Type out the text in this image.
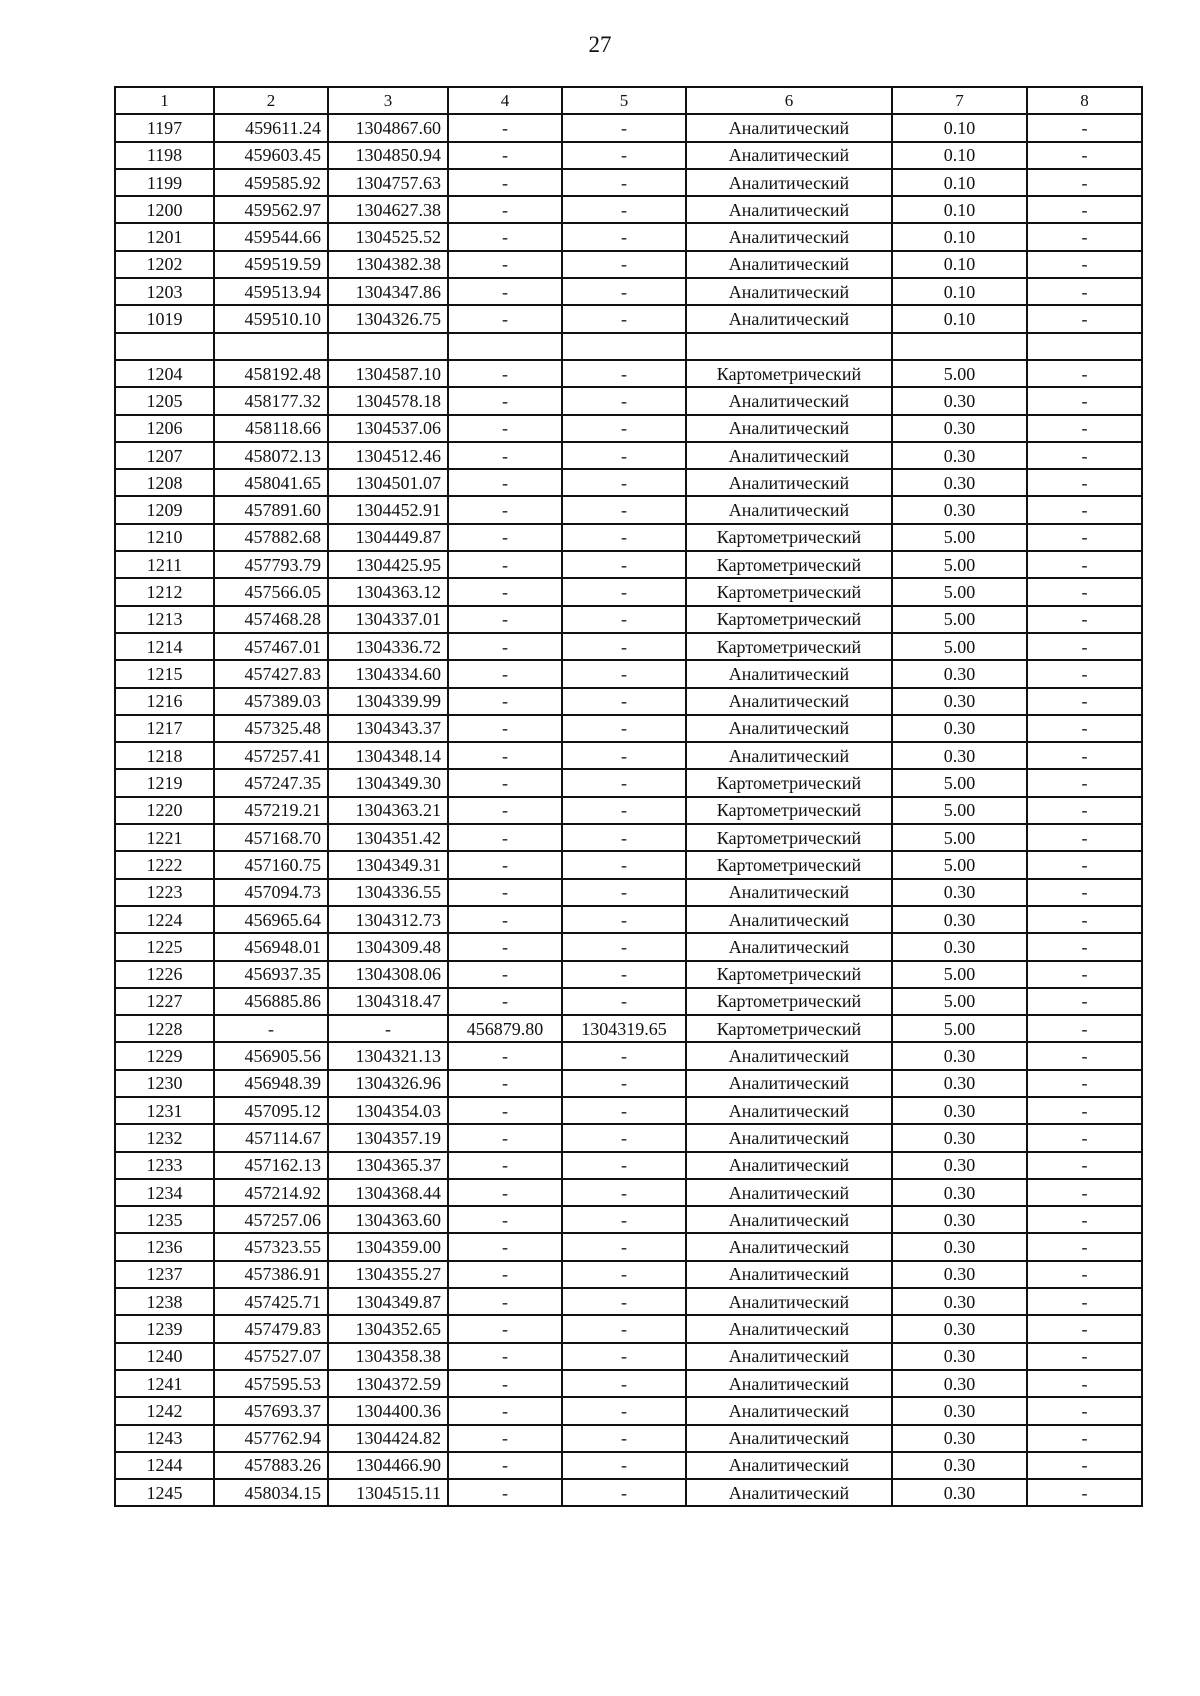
27
1	2	3	4	5	6	7	8
1197	459611.24	1304867.60	-	-	Аналитический	0.10	-
1198	459603.45	1304850.94	-	-	Аналитический	0.10	-
1199	459585.92	1304757.63	-	-	Аналитический	0.10	-
1200	459562.97	1304627.38	-	-	Аналитический	0.10	-
1201	459544.66	1304525.52	-	-	Аналитический	0.10	-
1202	459519.59	1304382.38	-	-	Аналитический	0.10	-
1203	459513.94	1304347.86	-	-	Аналитический	0.10	-
1019	459510.10	1304326.75	-	-	Аналитический	0.10	-

1204	458192.48	1304587.10	-	-	Картометрический	5.00	-
1205	458177.32	1304578.18	-	-	Аналитический	0.30	-
1206	458118.66	1304537.06	-	-	Аналитический	0.30	-
1207	458072.13	1304512.46	-	-	Аналитический	0.30	-
1208	458041.65	1304501.07	-	-	Аналитический	0.30	-
1209	457891.60	1304452.91	-	-	Аналитический	0.30	-
1210	457882.68	1304449.87	-	-	Картометрический	5.00	-
1211	457793.79	1304425.95	-	-	Картометрический	5.00	-
1212	457566.05	1304363.12	-	-	Картометрический	5.00	-
1213	457468.28	1304337.01	-	-	Картометрический	5.00	-
1214	457467.01	1304336.72	-	-	Картометрический	5.00	-
1215	457427.83	1304334.60	-	-	Аналитический	0.30	-
1216	457389.03	1304339.99	-	-	Аналитический	0.30	-
1217	457325.48	1304343.37	-	-	Аналитический	0.30	-
1218	457257.41	1304348.14	-	-	Аналитический	0.30	-
1219	457247.35	1304349.30	-	-	Картометрический	5.00	-
1220	457219.21	1304363.21	-	-	Картометрический	5.00	-
1221	457168.70	1304351.42	-	-	Картометрический	5.00	-
1222	457160.75	1304349.31	-	-	Картометрический	5.00	-
1223	457094.73	1304336.55	-	-	Аналитический	0.30	-
1224	456965.64	1304312.73	-	-	Аналитический	0.30	-
1225	456948.01	1304309.48	-	-	Аналитический	0.30	-
1226	456937.35	1304308.06	-	-	Картометрический	5.00	-
1227	456885.86	1304318.47	-	-	Картометрический	5.00	-
1228	-	-	456879.80	1304319.65	Картометрический	5.00	-
1229	456905.56	1304321.13	-	-	Аналитический	0.30	-
1230	456948.39	1304326.96	-	-	Аналитический	0.30	-
1231	457095.12	1304354.03	-	-	Аналитический	0.30	-
1232	457114.67	1304357.19	-	-	Аналитический	0.30	-
1233	457162.13	1304365.37	-	-	Аналитический	0.30	-
1234	457214.92	1304368.44	-	-	Аналитический	0.30	-
1235	457257.06	1304363.60	-	-	Аналитический	0.30	-
1236	457323.55	1304359.00	-	-	Аналитический	0.30	-
1237	457386.91	1304355.27	-	-	Аналитический	0.30	-
1238	457425.71	1304349.87	-	-	Аналитический	0.30	-
1239	457479.83	1304352.65	-	-	Аналитический	0.30	-
1240	457527.07	1304358.38	-	-	Аналитический	0.30	-
1241	457595.53	1304372.59	-	-	Аналитический	0.30	-
1242	457693.37	1304400.36	-	-	Аналитический	0.30	-
1243	457762.94	1304424.82	-	-	Аналитический	0.30	-
1244	457883.26	1304466.90	-	-	Аналитический	0.30	-
1245	458034.15	1304515.11	-	-	Аналитический	0.30	-
